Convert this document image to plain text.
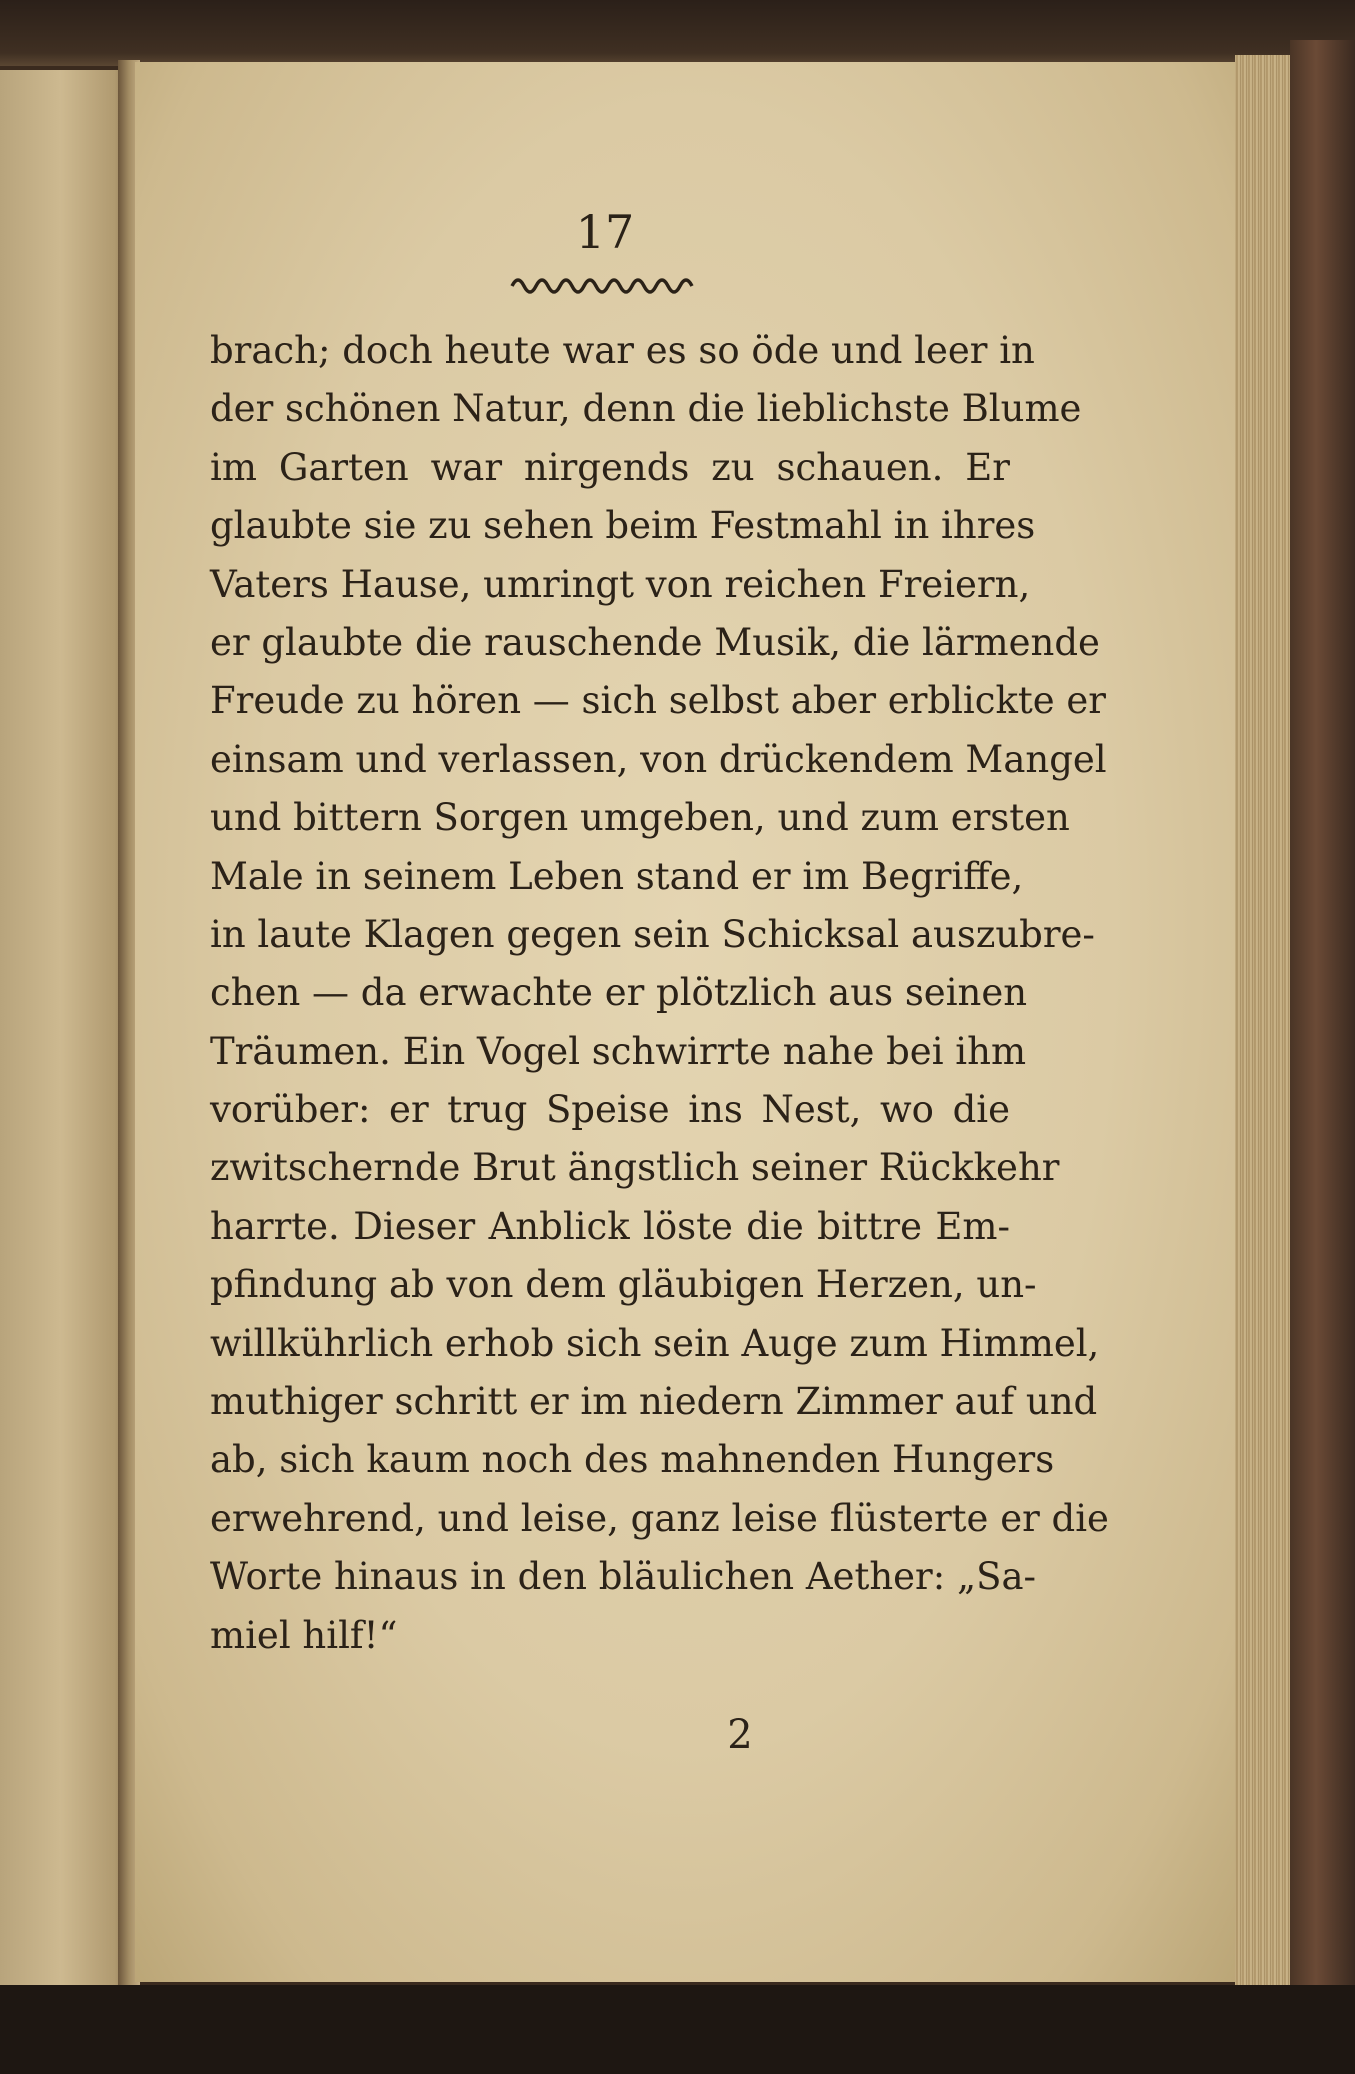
17
brach; doch heute war es so öde und leer in
der schönen Natur, denn die lieblichste Blume
im Garten war nirgends zu schauen. Er
glaubte sie zu sehen beim Festmahl in ihres
Vaters Hause, umringt von reichen Freiern,
er glaubte die rauschende Musik, die lärmende
Freude zu hören — sich selbst aber erblickte er
einsam und verlassen, von drückendem Mangel
und bittern Sorgen umgeben, und zum ersten
Male in seinem Leben stand er im Begriffe,
in laute Klagen gegen sein Schicksal auszubre-
chen — da erwachte er plötzlich aus seinen
Träumen. Ein Vogel schwirrte nahe bei ihm
vorüber: er trug Speise ins Nest, wo die
zwitschernde Brut ängstlich seiner Rückkehr
harrte. Dieser Anblick löste die bittre Em-
pfindung ab von dem gläubigen Herzen, un-
willkührlich erhob sich sein Auge zum Himmel,
muthiger schritt er im niedern Zimmer auf und
ab, sich kaum noch des mahnenden Hungers
erwehrend, und leise, ganz leise flüsterte er die
Worte hinaus in den bläulichen Aether: „Sa-
miel hilf!“
2
